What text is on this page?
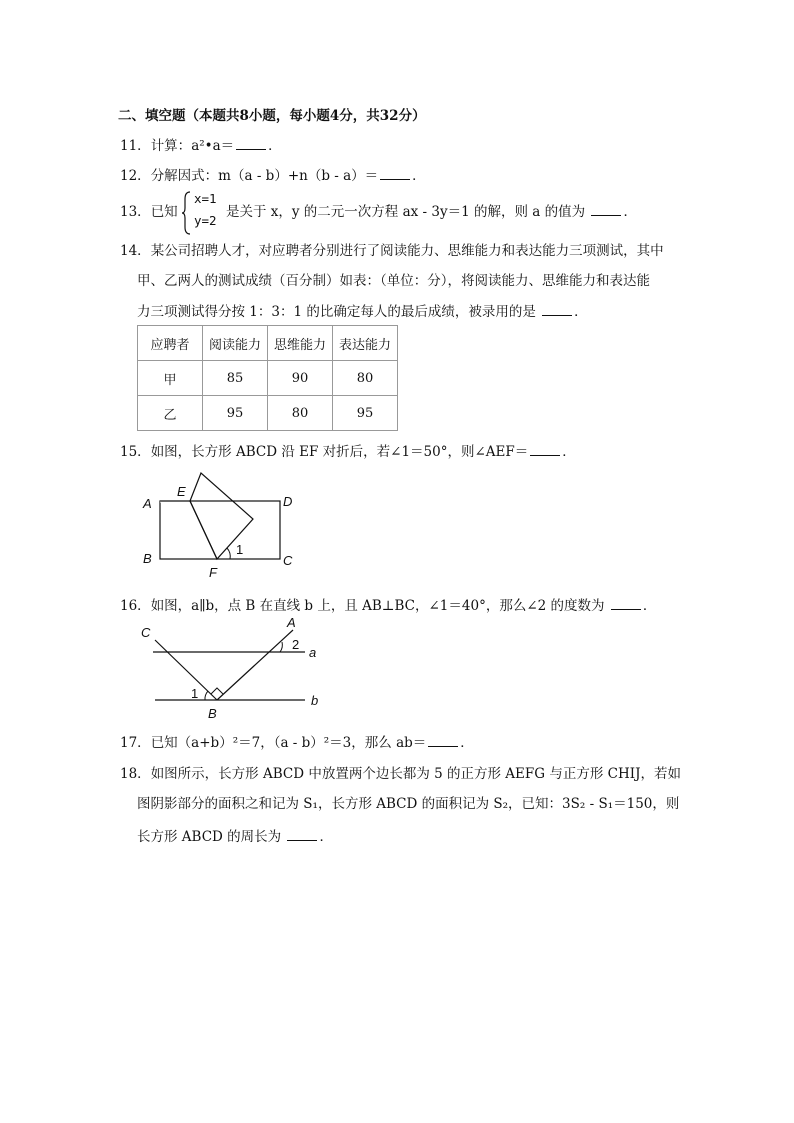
二、填空题（本题共8小题，每小题4分，共32分）
11．计算：a²•a＝	．
12．分解因式：m（a - b）+n（b - a）＝	．
13．已知
x=1
y=2 是关于 x，y 的二元一次方程 ax - 3y＝1 的解，则 a 的值为	．
14．某公司招聘人才，对应聘者分别进行了阅读能力、思维能力和表达能力三项测试，其中
甲、乙两人的测试成绩（百分制）如表：（单位：分），将阅读能力、思维能力和表达能
力三项测试得分按 1：3：1 的比确定每人的最后成绩，被录用的是	．
应聘者	阅读能力	思维能力	表达能力
甲	85	90	80
乙	95	80	95
15．如图，长方形 ABCD 沿 EF 对折后，若∠1＝50°，则∠AEF＝	．
A
E
D
B
F
C
1
16．如图，a∥b，点 B 在直线 b 上，且 AB⊥BC，∠1＝40°，那么∠2 的度数为	．
C
A
2
a
1
B
b
17．已知（a+b）²＝7，（a - b）²＝3，那么 ab＝	．
18．如图所示，长方形 ABCD 中放置两个边长都为 5 的正方形 AEFG 与正方形 CHIJ，若如
图阴影部分的面积之和记为 S₁，长方形 ABCD 的面积记为 S₂，已知：3S₂ - S₁＝150，则
长方形 ABCD 的周长为	．
